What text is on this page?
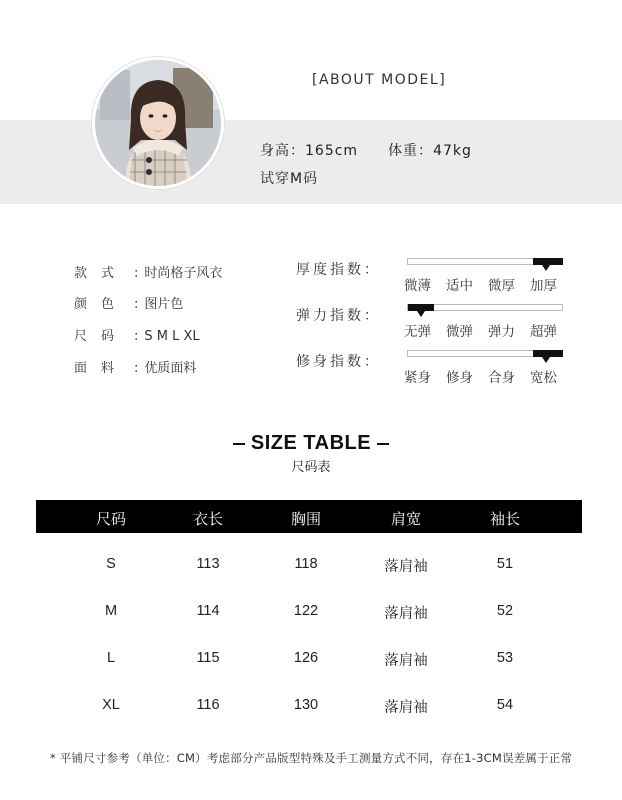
[ABOUT MODEL]
身高：165cm 体重：47kg
试穿M码
款式 : 时尚格子风衣
颜色 : 图片色
尺码 : S M L XL
面料 : 优质面料
厚度指数：
微薄 适中 微厚 加厚
弹力指数：
无弹 微弹 弹力 超弹
修身指数：
紧身 修身 合身 宽松
SIZE TABLE
尺码表
尺码	衣长	胸围	肩宽	袖长
S	113	118	落肩袖	51
M	114	122	落肩袖	52
L	115	126	落肩袖	53
XL	116	130	落肩袖	54
* 平铺尺寸参考（单位：CM）考虑部分产品版型特殊及手工测量方式不同，存在1-3CM误差属于正常
